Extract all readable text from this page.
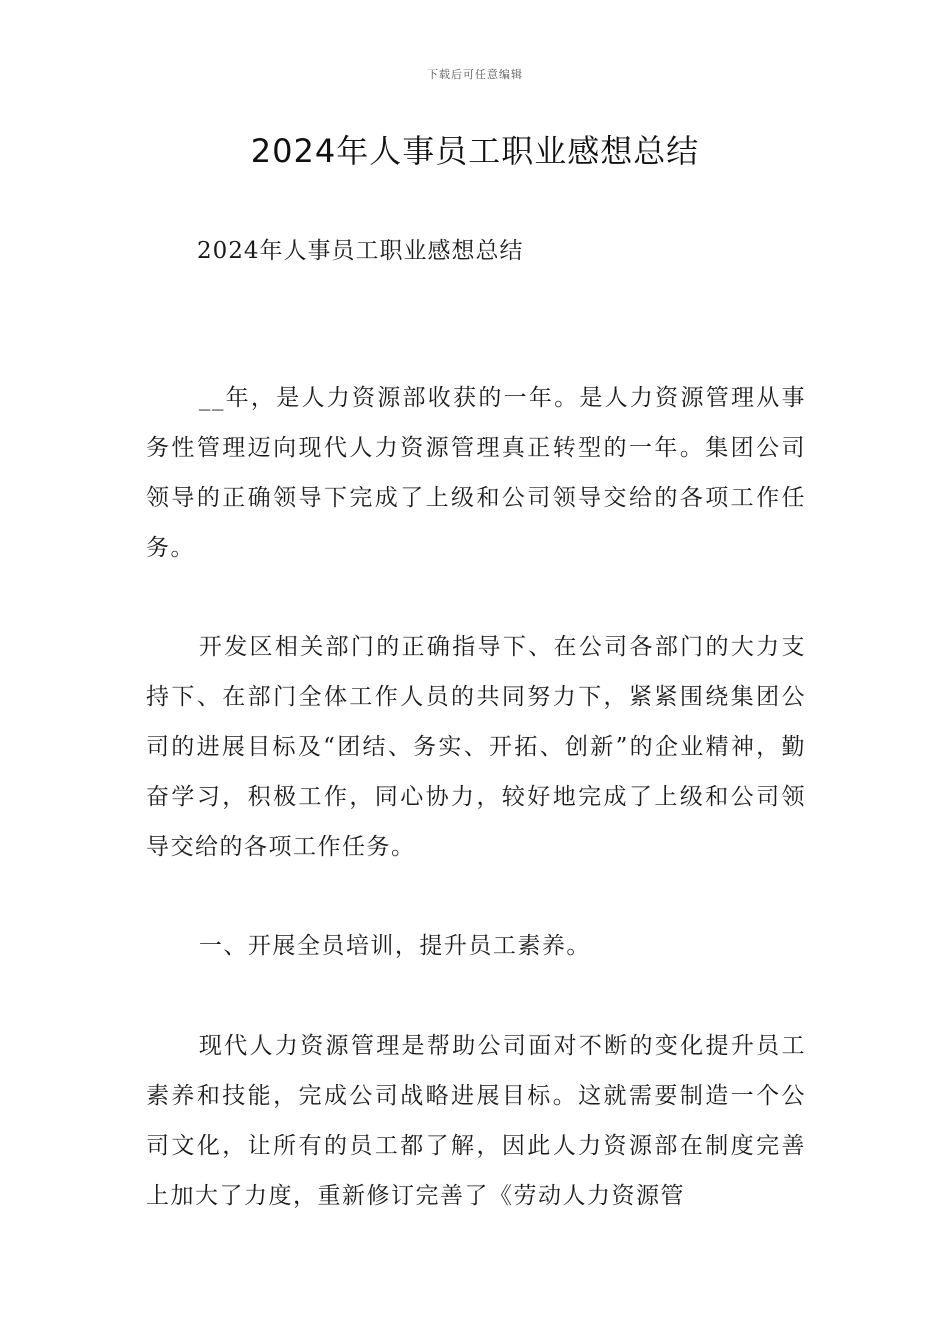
下载后可任意编辑
2024年人事员工职业感想总结
2024年人事员工职业感想总结

__年，是人力资源部收获的一年。是人力资源管理从事务性管理迈向现代人力资源管理真正转型的一年。集团公司领导的正确领导下完成了上级和公司领导交给的各项工作任务。

开发区相关部门的正确指导下、在公司各部门的大力支持下、在部门全体工作人员的共同努力下，紧紧围绕集团公司的进展目标及“团结、务实、开拓、创新”的企业精神，勤奋学习，积极工作，同心协力，较好地完成了上级和公司领导交给的各项工作任务。

一、开展全员培训，提升员工素养。

现代人力资源管理是帮助公司面对不断的变化提升员工素养和技能，完成公司战略进展目标。这就需要制造一个公司文化，让所有的员工都了解，因此人力资源部在制度完善上加大了力度，重新修订完善了《劳动人力资源管
